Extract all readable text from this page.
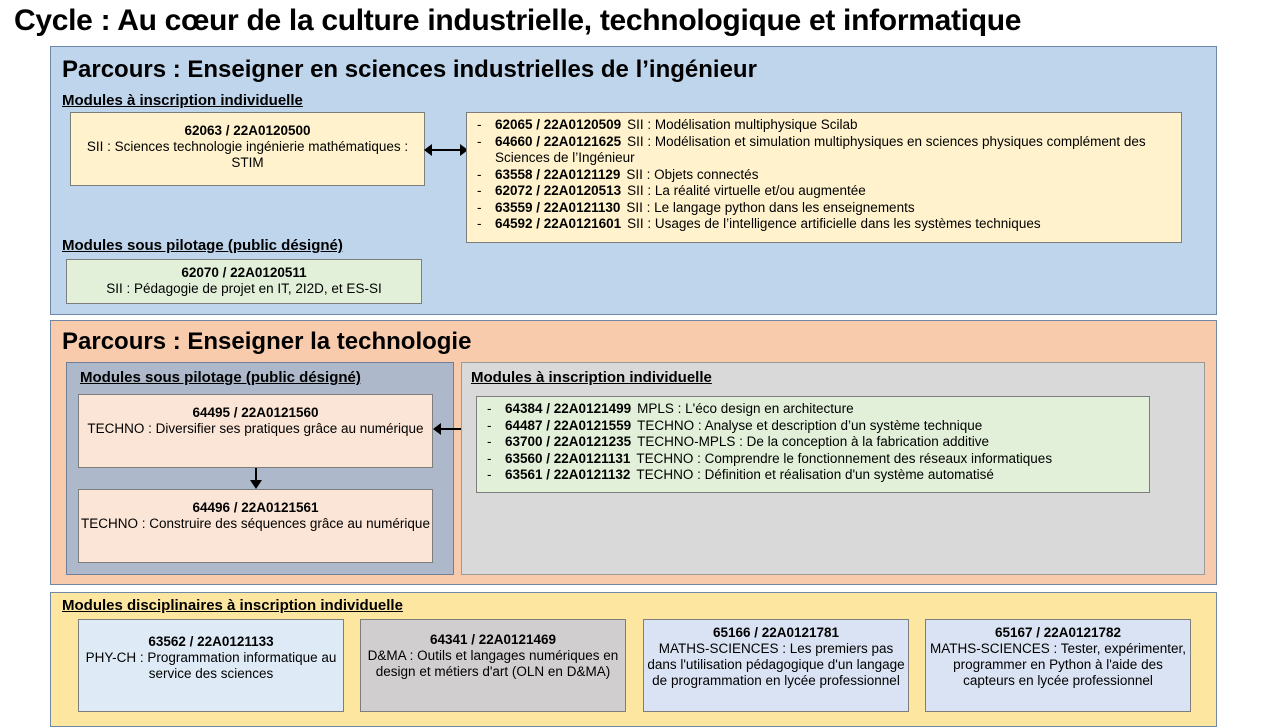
Cycle : Au cœur de la culture industrielle, technologique et informatique
Parcours : Enseigner en sciences industrielles de l’ingénieur
Modules à inscription individuelle
62063 / 22A0120500
SII : Sciences technologie ingénierie mathématiques : STIM
- 62065 / 22A0120509 SII : Modélisation multiphysique Scilab
- 64660 / 22A0121625 SII : Modélisation et simulation multiphysiques en sciences physiques complément des Sciences de l’Ingénieur
- 63558 / 22A0121129 SII : Objets connectés
- 62072 / 22A0120513 SII : La réalité virtuelle et/ou augmentée
- 63559 / 22A0121130 SII : Le langage python dans les enseignements
- 64592 / 22A0121601 SII : Usages de l’intelligence artificielle dans les systèmes techniques
Modules sous pilotage (public désigné)
62070 / 22A0120511
SII : Pédagogie de projet en IT, 2I2D, et ES-SI
Parcours : Enseigner la technologie
Modules sous pilotage (public désigné)
64495 / 22A0121560
TECHNO : Diversifier ses pratiques grâce au numérique
64496 / 22A0121561
TECHNO : Construire des séquences grâce au numérique
Modules à inscription individuelle
- 64384 / 22A0121499 MPLS : L'éco design en architecture
- 64487 / 22A0121559 TECHNO : Analyse et description d’un système technique
- 63700 / 22A0121235 TECHNO-MPLS : De la conception à la fabrication additive
- 63560 / 22A0121131 TECHNO : Comprendre le fonctionnement des réseaux informatiques
- 63561 / 22A0121132 TECHNO : Définition et réalisation d'un système automatisé
Modules disciplinaires à inscription individuelle
63562 / 22A0121133
PHY-CH : Programmation informatique au service des sciences
64341 / 22A0121469
D&MA : Outils et langages numériques en design et métiers d'art (OLN en D&MA)
65166 / 22A0121781
MATHS-SCIENCES : Les premiers pas dans l'utilisation pédagogique d'un langage de programmation en lycée professionnel
65167 / 22A0121782
MATHS-SCIENCES : Tester, expérimenter, programmer en Python à l'aide des capteurs en lycée professionnel
